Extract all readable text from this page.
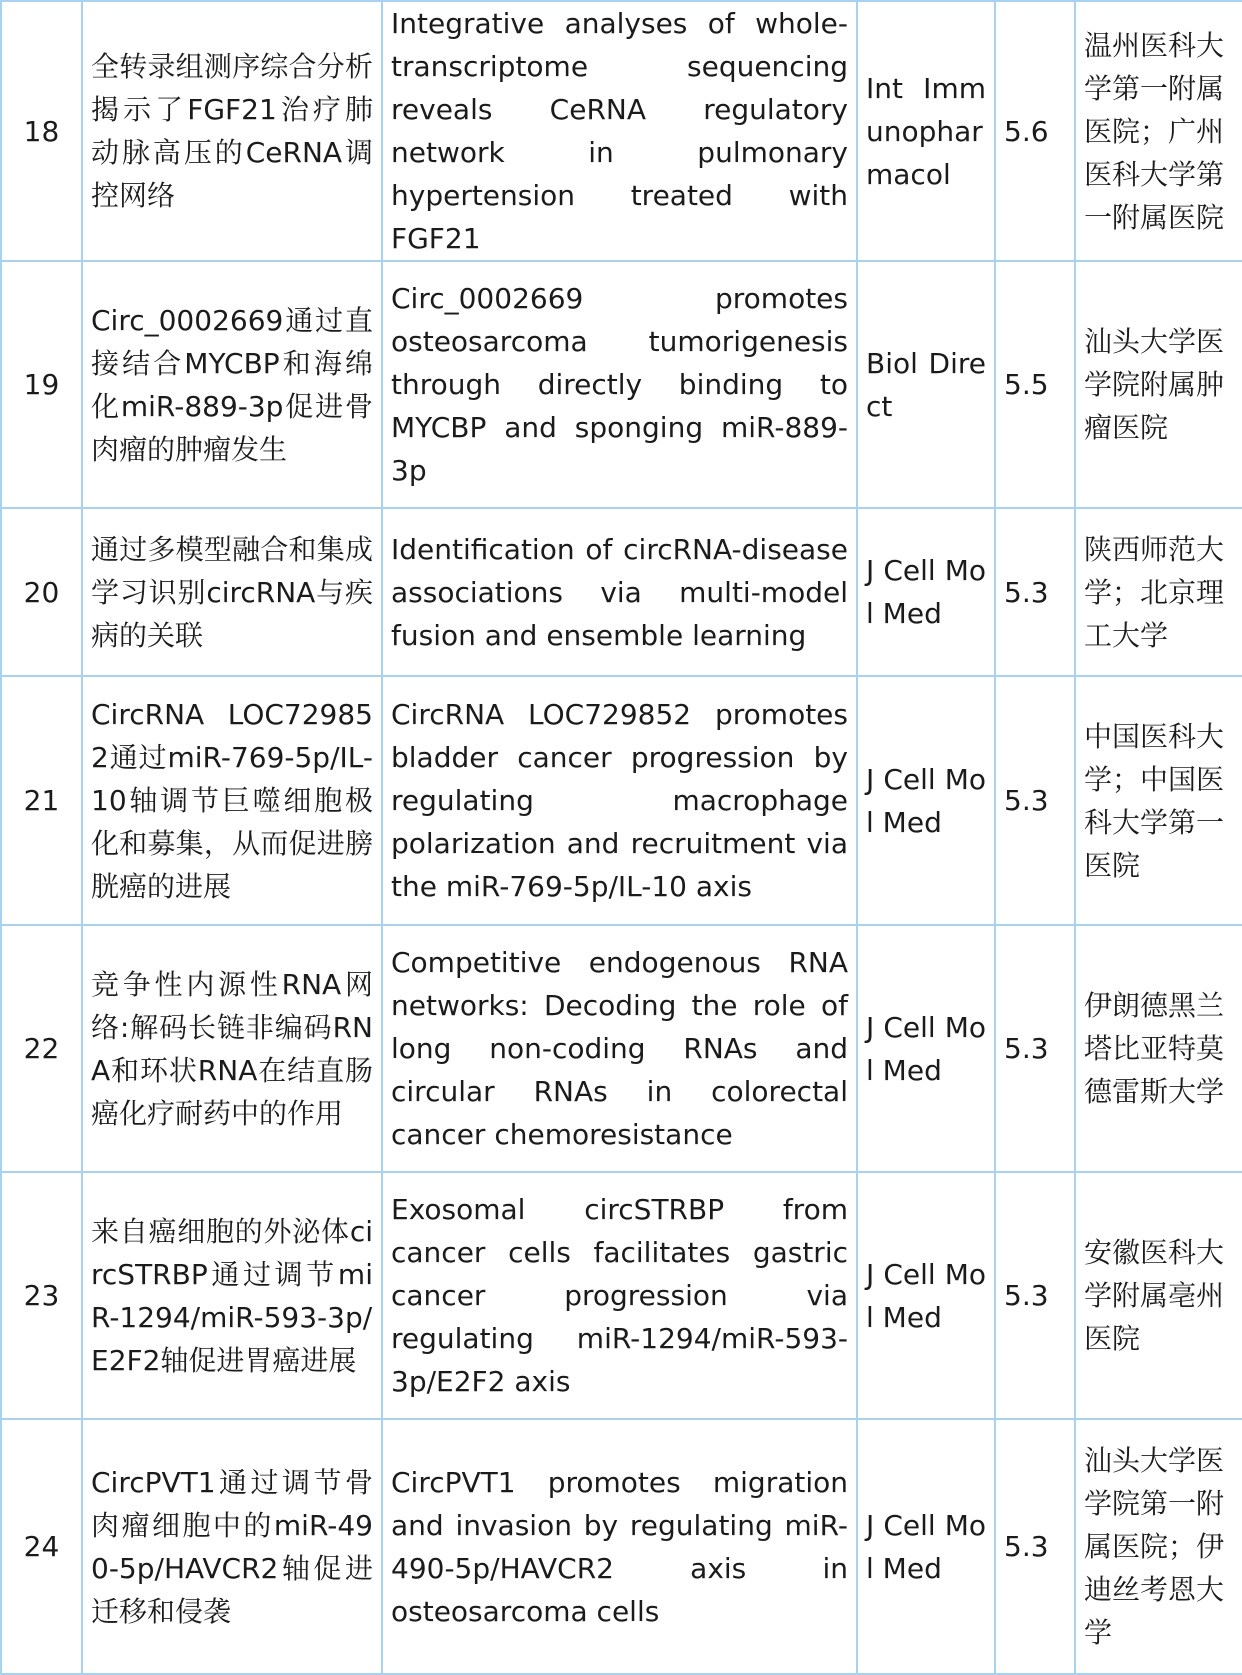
18	全转录组测序综合分析揭示了FGF21治疗肺动脉高压的CeRNA调控网络	Integrative analyses of whole-transcriptome sequencing reveals CeRNA regulatory network in pulmonary hypertension treated with FGF21	Int Immunopharmacol	5.6	温州医科大学第一附属医院；广州医科大学第一附属医院
19	Circ_0002669通过直接结合MYCBP和海绵化miR-889-3p促进骨肉瘤的肿瘤发生	Circ_0002669 promotes osteosarcoma tumorigenesis through directly binding to MYCBP and sponging miR-889-3p	Biol Direct	5.5	汕头大学医学院附属肿瘤医院
20	通过多模型融合和集成学习识别circRNA与疾病的关联	Identification of circRNA-disease associations via multi-model fusion and ensemble learning	J Cell Mol Med	5.3	陕西师范大学；北京理工大学
21	CircRNA LOC729852通过miR-769-5p/IL-10轴调节巨噬细胞极化和募集，从而促进膀胱癌的进展	CircRNA LOC729852 promotes bladder cancer progression by regulating macrophage polarization and recruitment via the miR-769-5p/IL-10 axis	J Cell Mol Med	5.3	中国医科大学；中国医科大学第一医院
22	竞争性内源性RNA网络:解码长链非编码RNA和环状RNA在结直肠癌化疗耐药中的作用	Competitive endogenous RNA networks: Decoding the role of long non-coding RNAs and circular RNAs in colorectal cancer chemoresistance	J Cell Mol Med	5.3	伊朗德黑兰塔比亚特莫德雷斯大学
23	来自癌细胞的外泌体circSTRBP通过调节miR-1294/miR-593-3p/E2F2轴促进胃癌进展	Exosomal circSTRBP from cancer cells facilitates gastric cancer progression via regulating miR-1294/miR-593-3p/E2F2 axis	J Cell Mol Med	5.3	安徽医科大学附属亳州医院
24	CircPVT1通过调节骨肉瘤细胞中的miR-490-5p/HAVCR2轴促进迁移和侵袭	CircPVT1 promotes migration and invasion by regulating miR-490-5p/HAVCR2 axis in osteosarcoma cells	J Cell Mol Med	5.3	汕头大学医学院第一附属医院；伊迪丝考恩大学
